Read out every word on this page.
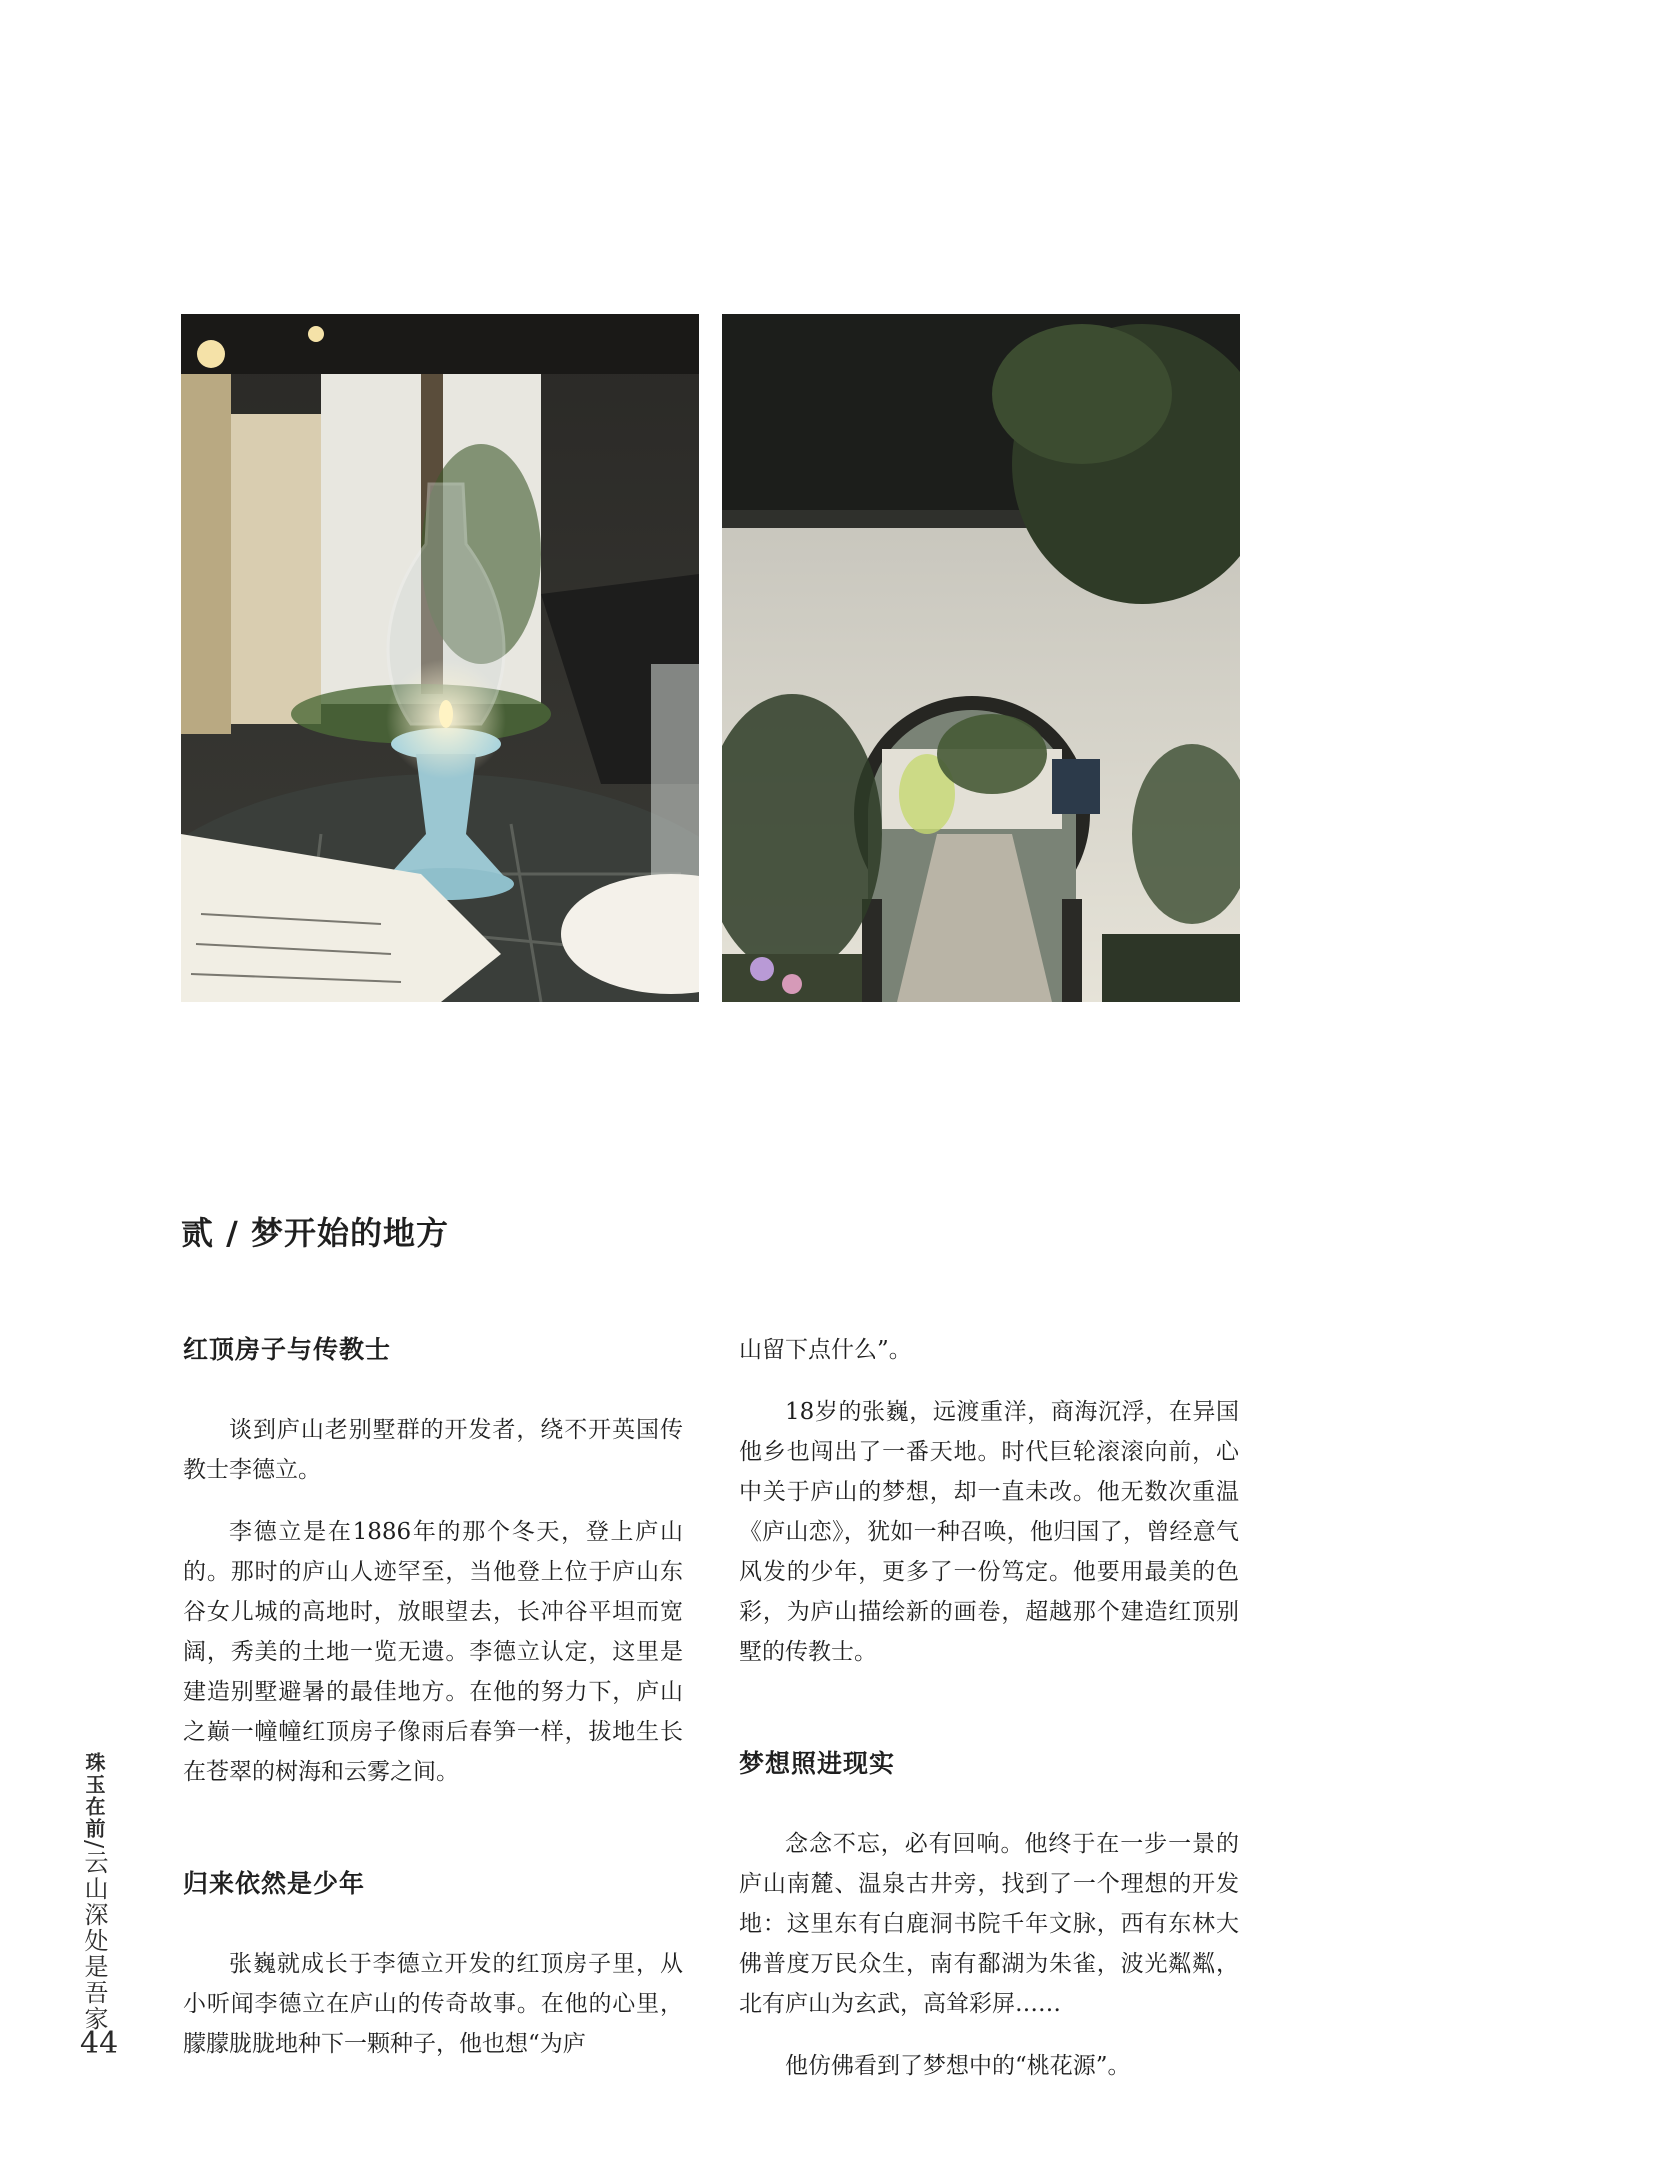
贰 / 梦开始的地方
红顶房子与传教士

谈到庐山老别墅群的开发者，绕不开英国传教士李德立。

李德立是在1886年的那个冬天，登上庐山的。那时的庐山人迹罕至，当他登上位于庐山东谷女儿城的高地时，放眼望去，长冲谷平坦而宽阔，秀美的土地一览无遗。李德立认定，这里是建造别墅避暑的最佳地方。在他的努力下，庐山之巅一幢幢红顶房子像雨后春笋一样，拔地生长在苍翠的树海和云雾之间。

归来依然是少年

张巍就成长于李德立开发的红顶房子里，从小听闻李德立在庐山的传奇故事。在他的心里，朦朦胧胧地种下一颗种子，他也想“为庐

山留下点什么”。

18岁的张巍，远渡重洋，商海沉浮，在异国他乡也闯出了一番天地。时代巨轮滚滚向前，心中关于庐山的梦想，却一直未改。他无数次重温《庐山恋》，犹如一种召唤，他归国了，曾经意气风发的少年，更多了一份笃定。他要用最美的色彩，为庐山描绘新的画卷，超越那个建造红顶别墅的传教士。

梦想照进现实

念念不忘，必有回响。他终于在一步一景的庐山南麓、温泉古井旁，找到了一个理想的开发地：这里东有白鹿洞书院千年文脉，西有东林大佛普度万民众生，南有鄱湖为朱雀，波光粼粼，北有庐山为玄武，高耸彩屏……

他仿佛看到了梦想中的“桃花源”。

珠玉在前/云山深处是吾家
44
